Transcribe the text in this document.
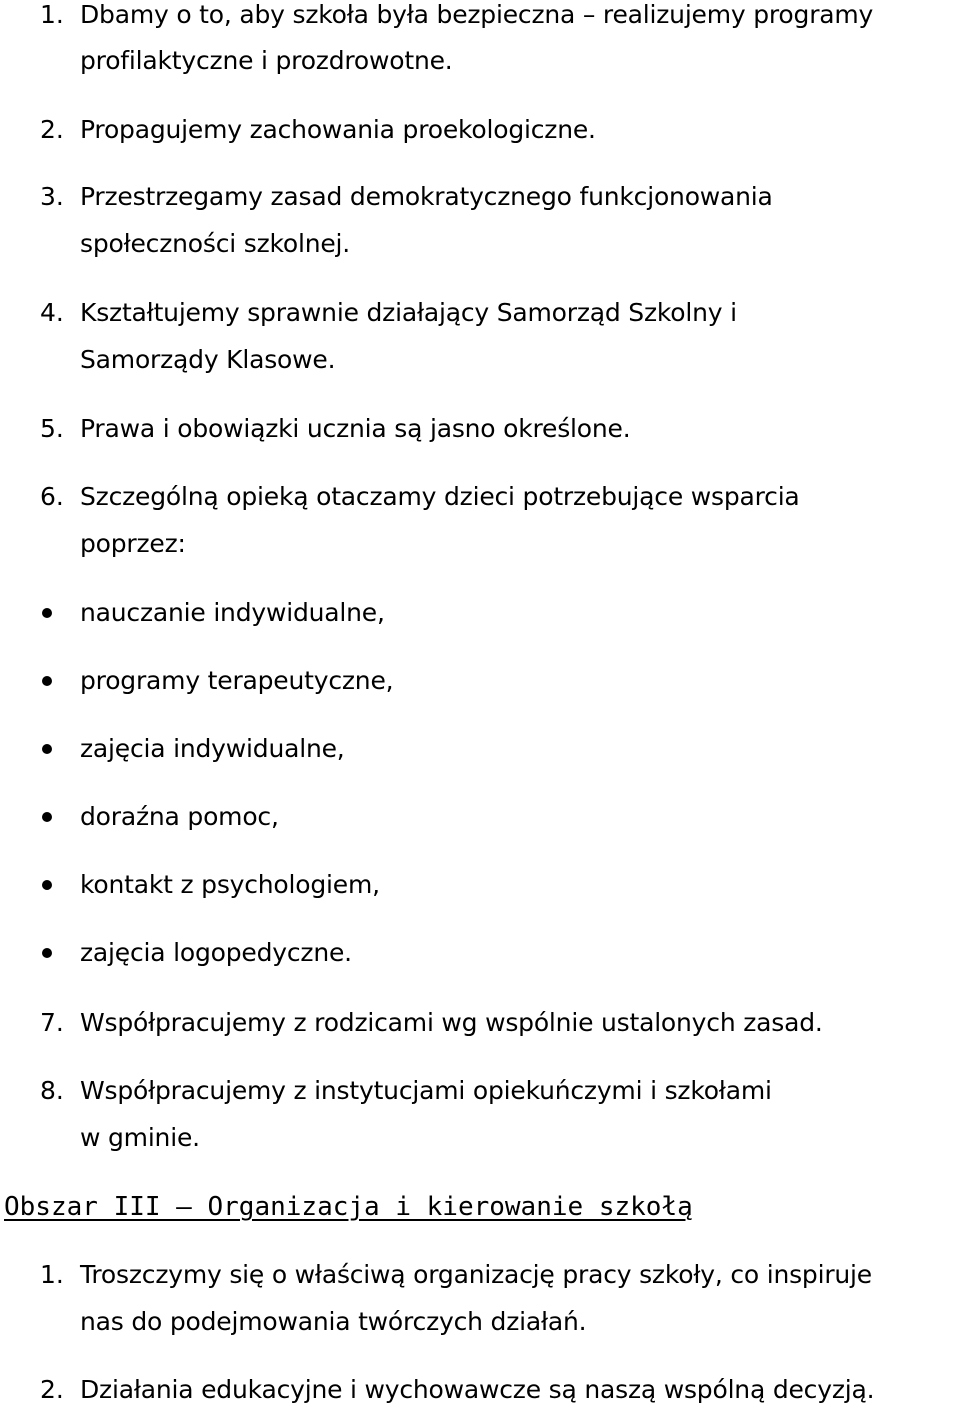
1. Dbamy o to, aby szkoła była bezpieczna – realizujemy programy
profilaktyczne i prozdrowotne.
2. Propagujemy zachowania proekologiczne.
3. Przestrzegamy zasad demokratycznego funkcjonowania
społeczności szkolnej.
4. Kształtujemy sprawnie działający Samorząd Szkolny i
Samorządy Klasowe.
5. Prawa i obowiązki ucznia są jasno określone.
6. Szczególną opieką otaczamy dzieci potrzebujące wsparcia
poprzez:
nauczanie indywidualne,
programy terapeutyczne,
zajęcia indywidualne,
doraźna pomoc,
kontakt z psychologiem,
zajęcia logopedyczne.
7. Współpracujemy z rodzicami wg wspólnie ustalonych zasad.
8. Współpracujemy z instytucjami opiekuńczymi i szkołami
w gminie.
Obszar III – Organizacja i kierowanie szkołą
1. Troszczymy się o właściwą organizację pracy szkoły, co inspiruje
nas do podejmowania twórczych działań.
2. Działania edukacyjne i wychowawcze są naszą wspólną decyzją.
